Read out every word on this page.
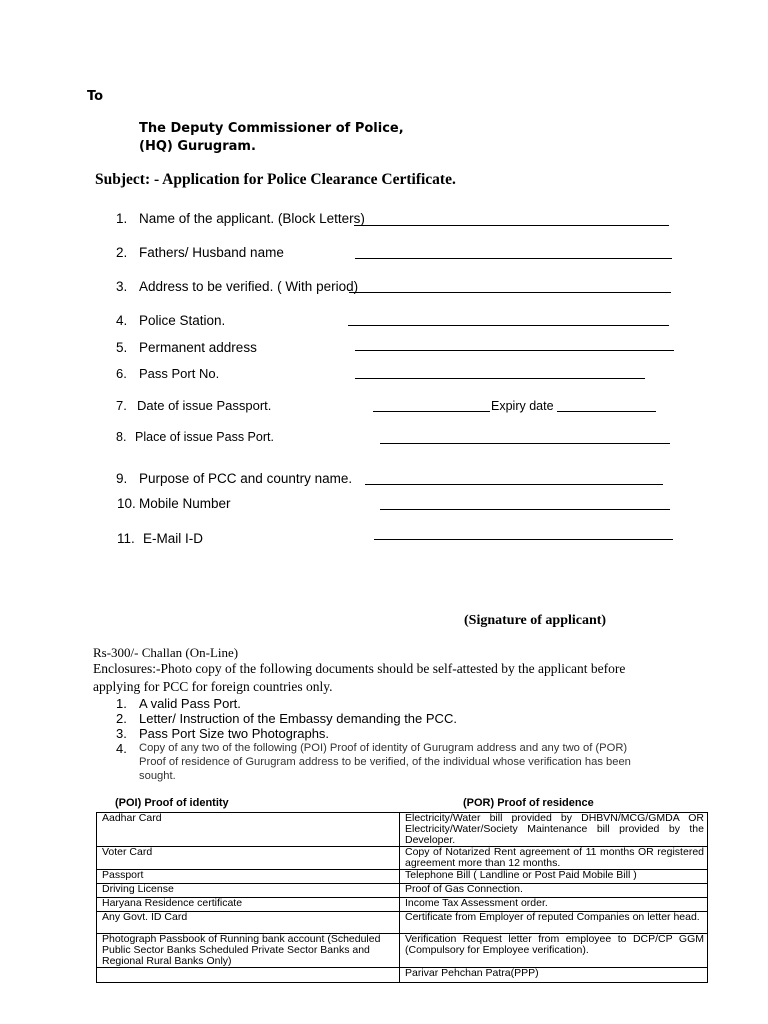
To
The Deputy Commissioner of Police,
(HQ) Gurugram.
Subject: - Application for Police Clearance Certificate.
1. Name of the applicant. (Block Letters)
2. Fathers/ Husband name
3. Address to be verified. ( With period)
4. Police Station.
5. Permanent address
6. Pass Port No.
7. Date of issue Passport.	Expiry date
8. Place of issue Pass Port.
9. Purpose of PCC and country name.
10. Mobile Number
11. E-Mail I-D
(Signature of applicant)
Rs-300/- Challan (On-Line)
Enclosures:-Photo copy of the following documents should be self-attested by the applicant before
applying for PCC for foreign countries only.
1. A valid Pass Port.
2. Letter/ Instruction of the Embassy demanding the PCC.
3. Pass Port Size two Photographs.
4. Copy of any two of the following (POI) Proof of identity of Gurugram address and any two of (POR)
Proof of residence of Gurugram address to be verified, of the individual whose verification has been
sought.
(POI) Proof of identity	(POR) Proof of residence
Aadhar Card	Electricity/Water bill provided by DHBVN/MCG/GMDA OR Electricity/Water/Society Maintenance bill provided by the Developer.
Voter Card	Copy of Notarized Rent agreement of 11 months OR registered agreement more than 12 months.
Passport	Telephone Bill ( Landline or Post Paid Mobile Bill )
Driving License	Proof of Gas Connection.
Haryana Residence certificate	Income Tax Assessment order.
Any Govt. ID Card	Certificate from Employer of reputed Companies on letter head.
Photograph Passbook of Running bank account (Scheduled Public Sector Banks Scheduled Private Sector Banks and Regional Rural Banks Only)	Verification Request letter from employee to DCP/CP GGM (Compulsory for Employee verification).
	Parivar Pehchan Patra(PPP)
